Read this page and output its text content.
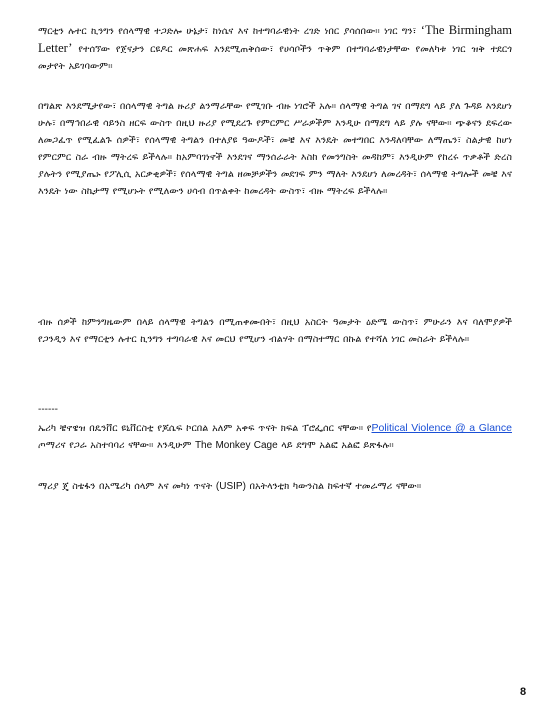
ማርቲን ሉተር ኪንግን የሰላማዊ ተጋድሎ ሁኔታ፣ ከነሴና እና ከተግባራዊነት ረገድ ነበር ያሳሰበው። ነገር ግን፣ ‘The Birmingham Letter’ የተሰኘው የጀናታን ርዩዶር መጽሐፍ እንደሚጠቅሰው፣ የሀሳቦችን ጥቅም በተግባራዊነታቸው የመለካቱ ነገር ዝቅ ተደርጎ መታየት አይገባውም።

በግልጽ እንደሚታየው፣ በሰላማዊ ትግል ዙሪያ ልንማራቸው የሚገቡ ብዙ ነገሮች አሉ። ሰላማዊ ትግል ገና በማደግ ላይ ያለ ጉዳይ እንደሆነ ሁሉ፣ በማኅበራዊ ሳይንስ ዘርፍ ውስጥ በዚህ ዙሪያ የሚደረጉ የምርምር ሥራዎችም እንዲሁ በማደግ ላይ ያሉ ናቸው። ጭቆናን ደፍረው ለመጋፈጥ የሚፈልጉ ሰዎች፣ የሰላማዊ ትግልን በተለያዩ ዓውዶች፣ መቼ እና እንዴት መተግበር እንዳለባቸው ለማጤን፣ ስልታዊ ከሆነ የምርምር ስራ ብዙ ማትረፍ ይችላሉ። ከአምባገነኖች እንደገና ማንሰራራት እስከ የመንግስት መዳከም፣ እንዲሁም የከረሩ ጥቃቶች ድረስ ያሉትን የሚያጤኑ የፖሊሲ አርቃቂዎች፣ የሰላማዊ ትግል ዘመቻዎችን መደገፍ ምን ማለት እንደሆነ ለመረዳት፣ ሰላማዊ ትግሎች መቼ እና እንዴት ነው ስኬታማ የሚሆኑት የሚለውን ሀሳብ በጥልቀት ከመረዳት ውስጥ፣ ብዙ ማትረፍ ይችላሉ።

ብዙ ሰዎች ከምንግዜውም በላይ ሰላማዊ ትግልን በሚጠቀሙበት፣ በዚህ አስርት ዓመታት ዕድሜ ውስጥ፣ ምሁራን እና ባለሞያዎች የጋንዲን እና የማርቲን ሉተር ኪንግን ተግባራዊ እና መርህ የሚሆን ብልሃት በማስተማር በኩል የተሻለ ነገር መስራት ይችላሉ።

------

ኤሪካ ቼኖዌዝ በዴንቨር ዩኒቨርስቲ የጆሴፍ ኮርበል አለም አቀፍ ጥናት ክፍል ፐሮፌሰር ናቸው። የPolitical Violence @ a Glance ጦማሪና የጋራ አስተባባሪ ናቸው። እንዲሁም The Monkey Cage ላይ ደግሞ አልፎ አልፎ ይጽፋሉ።

ማሪያ ጄ ስቴፋን በአሜሪካ ሰላም እና መካነ ጥናት (USIP) በአትላንቲክ ካውንስል ከፍተኛ ተመራማሪ ናቸው።

8
